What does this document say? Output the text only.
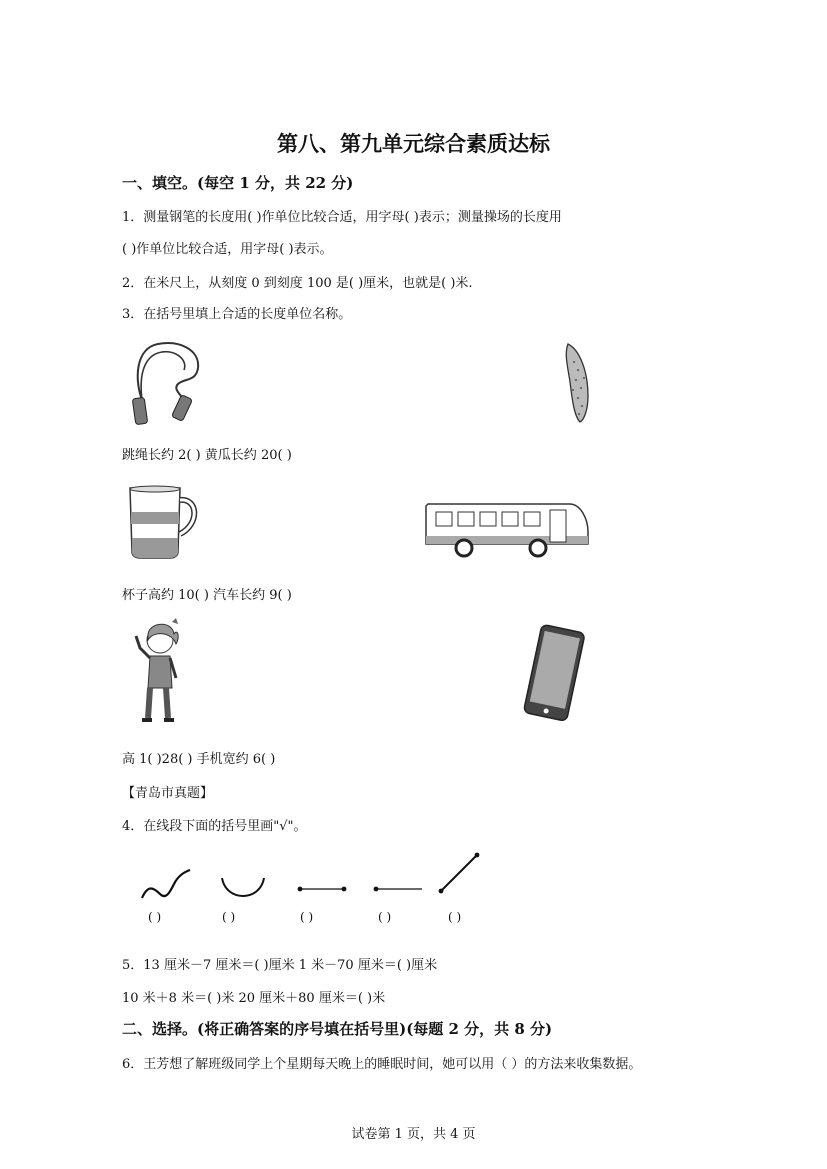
第八、第九单元综合素质达标
一、填空。(每空 1 分，共 22 分)
1．测量钢笔的长度用( )作单位比较合适，用字母( )表示；测量操场的长度用
( )作单位比较合适，用字母( )表示。
2．在米尺上，从刻度 0 到刻度 100 是( )厘米，也就是( )米.
3．在括号里填上合适的长度单位名称。
跳绳长约 2( ) 黄瓜长约 20( )
杯子高约 10( ) 汽车长约 9( )
高 1( )28( ) 手机宽约 6( )
【青岛市真题】
4．在线段下面的括号里画"√"。
( )	( )	( )	( )	( )
5．13 厘米－7 厘米＝( )厘米 1 米－70 厘米＝( )厘米
10 米＋8 米＝( )米 20 厘米＋80 厘米＝( )米
二、选择。(将正确答案的序号填在括号里)(每题 2 分，共 8 分)
6．王芳想了解班级同学上个星期每天晚上的睡眠时间，她可以用（ ）的方法来收集数据。
试卷第 1 页，共 4 页
